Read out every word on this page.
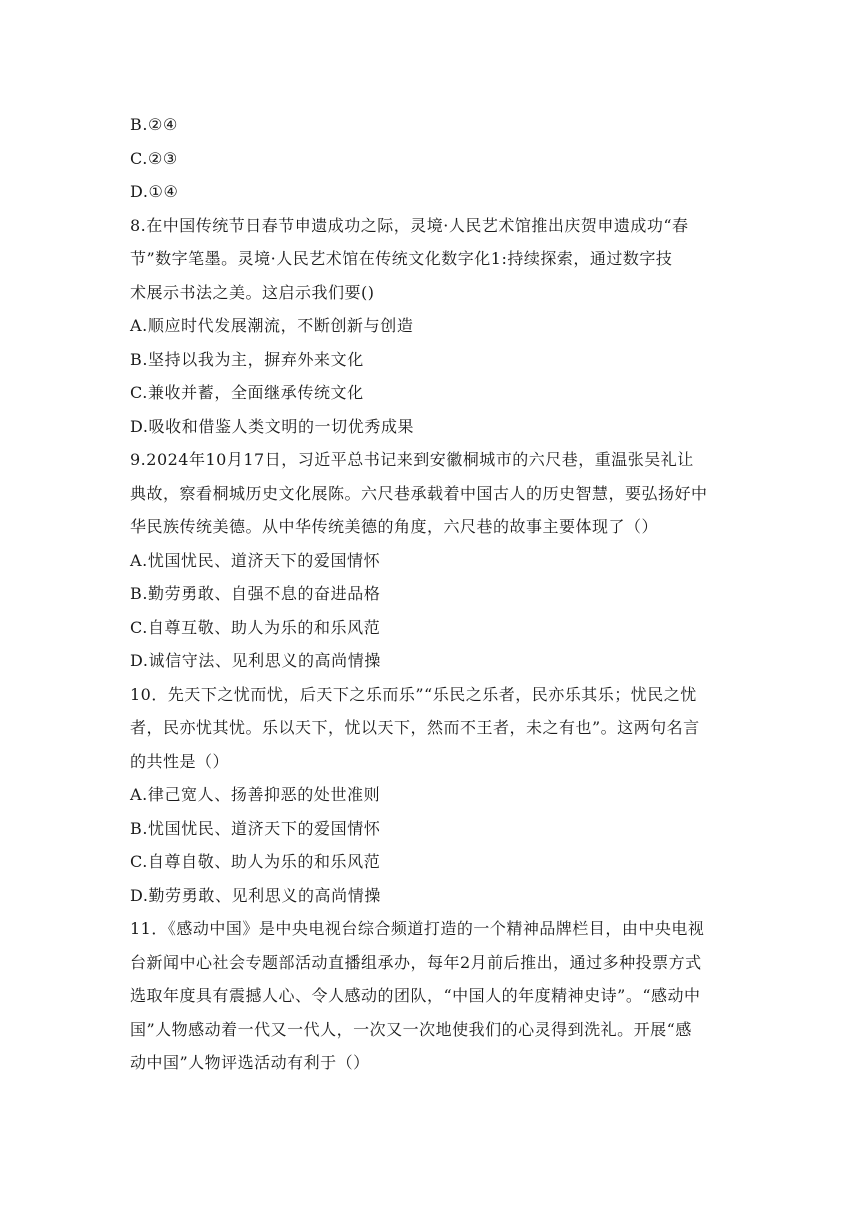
B.②④
C.②③
D.①④
8.在中国传统节日春节申遗成功之际，灵境·人民艺术馆推出庆贺申遗成功“春
节”数字笔墨。灵境·人民艺术馆在传统文化数字化1:持续探索，通过数字技
术展示书法之美。这启示我们要()
A.顺应时代发展潮流，不断创新与创造
B.坚持以我为主，摒弃外来文化
C.兼收并蓄，全面继承传统文化
D.吸收和借鉴人类文明的一切优秀成果
9.2024年10月17日，习近平总书记来到安徽桐城市的六尺巷，重温张吴礼让
典故，察看桐城历史文化展陈。六尺巷承载着中国古人的历史智慧，要弘扬好中
华民族传统美德。从中华传统美德的角度，六尺巷的故事主要体现了（）
A.忧国忧民、道济天下的爱国情怀
B.勤劳勇敢、自强不息的奋进品格
C.自尊互敬、助人为乐的和乐风范
D.诚信守法、见利思义的高尚情操
10．先天下之忧而忧，后天下之乐而乐”“乐民之乐者，民亦乐其乐；忧民之忧
者，民亦忧其忧。乐以天下，忧以天下，然而不王者，未之有也”。这两句名言
的共性是（）
A.律己宽人、扬善抑恶的处世准则
B.忧国忧民、道济天下的爱国情怀
C.自尊自敬、助人为乐的和乐风范
D.勤劳勇敢、见利思义的高尚情操
11．《感动中国》是中央电视台综合频道打造的一个精神品牌栏目，由中央电视
台新闻中心社会专题部活动直播组承办，每年2月前后推出，通过多种投票方式
选取年度具有震撼人心、令人感动的团队，“中国人的年度精神史诗”。“感动中
国”人物感动着一代又一代人，一次又一次地使我们的心灵得到洗礼。开展“感
动中国”人物评选活动有利于（）
